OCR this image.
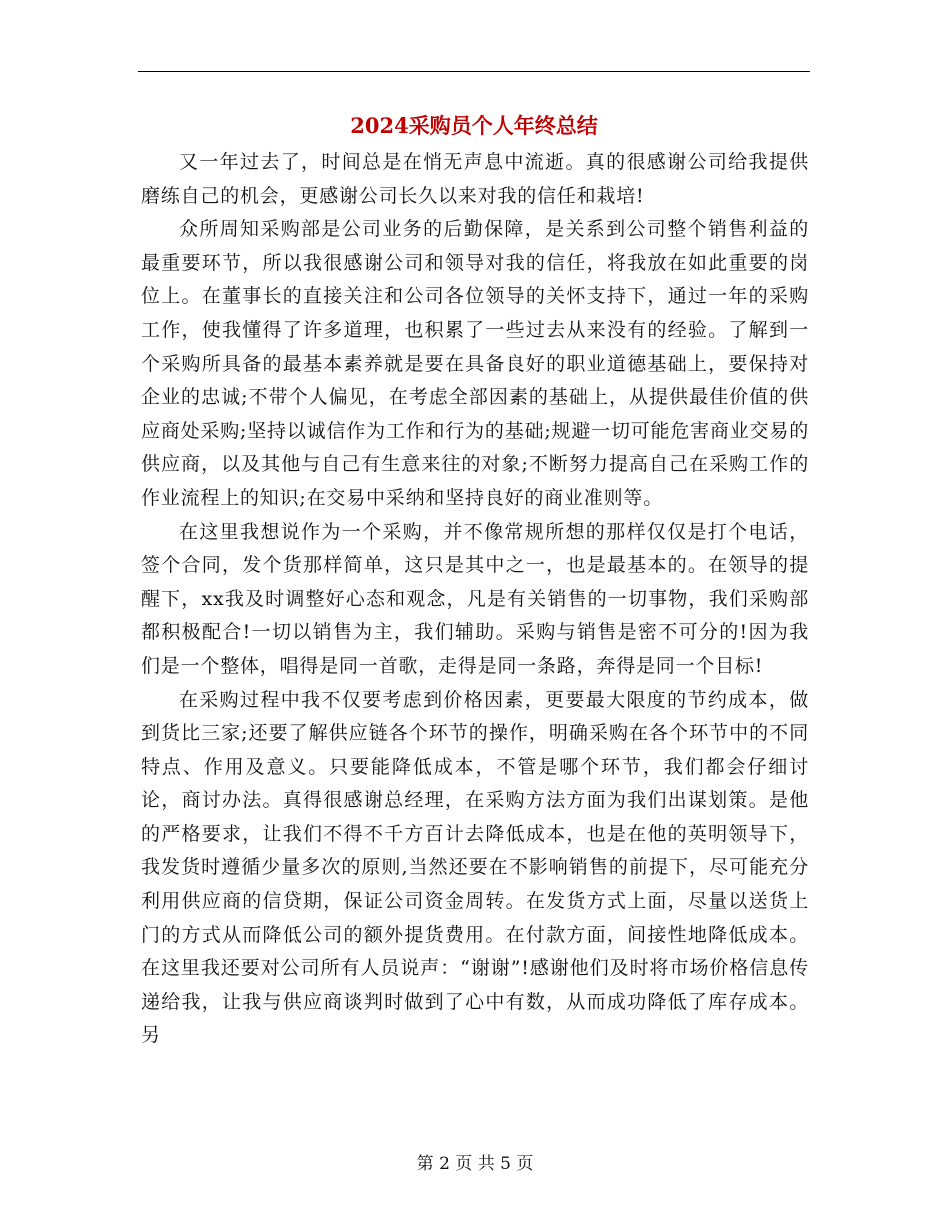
2024采购员个人年终总结

又一年过去了，时间总是在悄无声息中流逝。真的很感谢公司给我提供磨练自己的机会，更感谢公司长久以来对我的信任和栽培!

众所周知采购部是公司业务的后勤保障，是关系到公司整个销售利益的最重要环节，所以我很感谢公司和领导对我的信任，将我放在如此重要的岗位上。在董事长的直接关注和公司各位领导的关怀支持下，通过一年的采购工作，使我懂得了许多道理，也积累了一些过去从来没有的经验。了解到一个采购所具备的最基本素养就是要在具备良好的职业道德基础上，要保持对企业的忠诚;不带个人偏见，在考虑全部因素的基础上，从提供最佳价值的供应商处采购;坚持以诚信作为工作和行为的基础;规避一切可能危害商业交易的供应商，以及其他与自己有生意来往的对象;不断努力提高自己在采购工作的作业流程上的知识;在交易中采纳和坚持良好的商业准则等。

在这里我想说作为一个采购，并不像常规所想的那样仅仅是打个电话，签个合同，发个货那样简单，这只是其中之一，也是最基本的。在领导的提醒下，xx我及时调整好心态和观念，凡是有关销售的一切事物，我们采购部都积极配合!一切以销售为主，我们辅助。采购与销售是密不可分的!因为我们是一个整体，唱得是同一首歌，走得是同一条路，奔得是同一个目标!

在采购过程中我不仅要考虑到价格因素，更要最大限度的节约成本，做到货比三家;还要了解供应链各个环节的操作，明确采购在各个环节中的不同特点、作用及意义。只要能降低成本，不管是哪个环节，我们都会仔细讨论，商讨办法。真得很感谢总经理，在采购方法方面为我们出谋划策。是他的严格要求，让我们不得不千方百计去降低成本，也是在他的英明领导下，我发货时遵循少量多次的原则,当然还要在不影响销售的前提下，尽可能充分利用供应商的信贷期，保证公司资金周转。在发货方式上面，尽量以送货上门的方式从而降低公司的额外提货费用。在付款方面，间接性地降低成本。在这里我还要对公司所有人员说声：“谢谢”!感谢他们及时将市场价格信息传递给我，让我与供应商谈判时做到了心中有数，从而成功降低了库存成本。另

第 2 页 共 5 页
